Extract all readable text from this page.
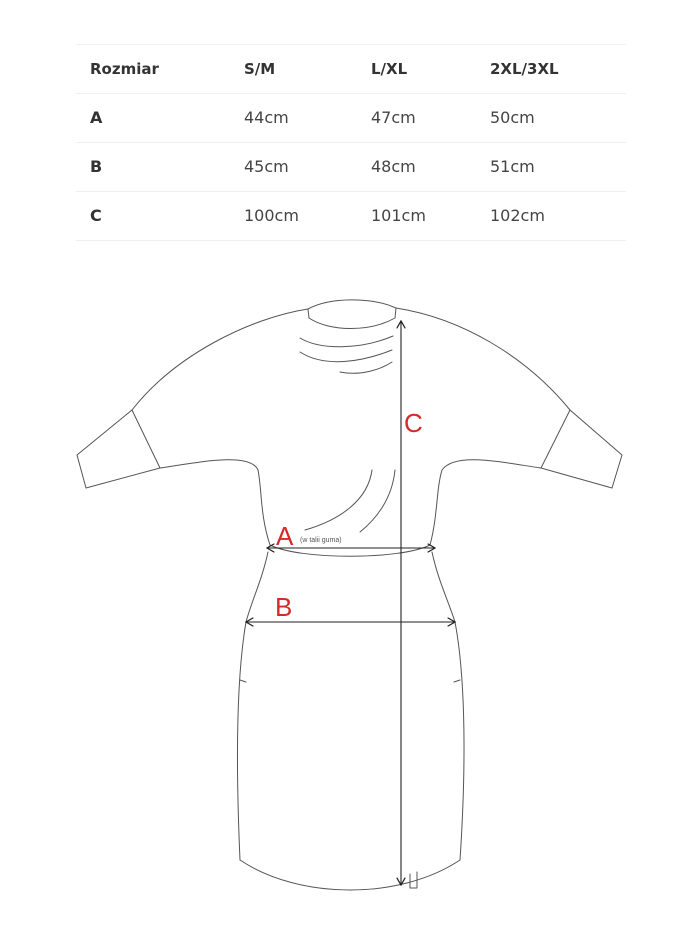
Rozmiar	S/M	L/XL	2XL/3XL
A	44cm	47cm	50cm
B	45cm	48cm	51cm
C	100cm	101cm	102cm
C
A (w talii guma)
B
